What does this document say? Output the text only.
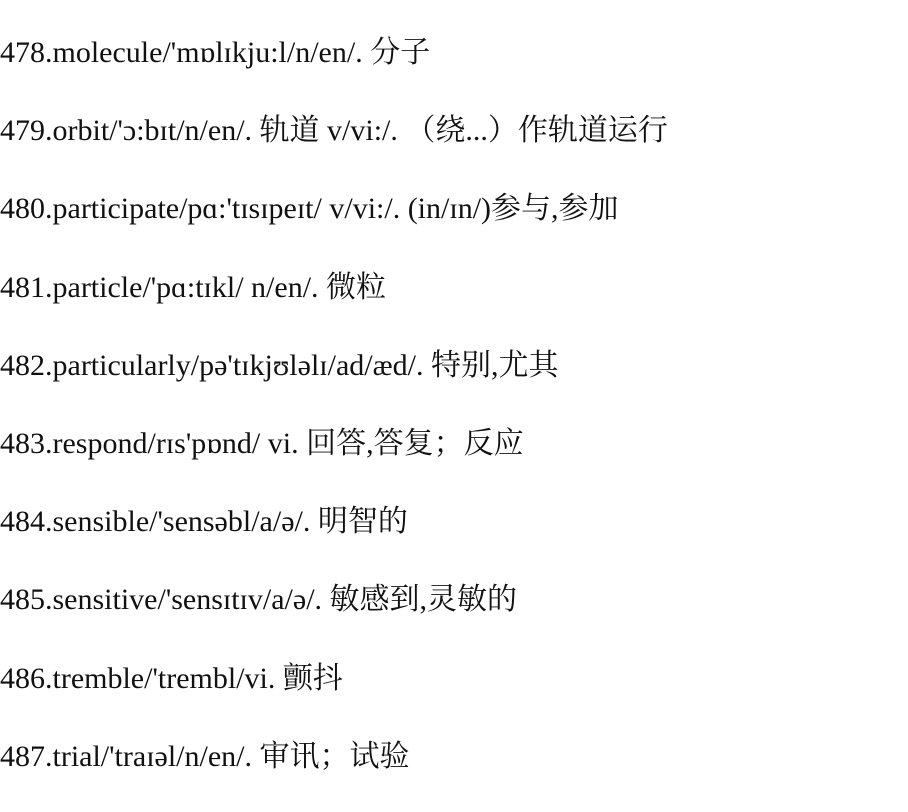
478.molecule/'mɒlɪkju:l/n/en/. 分子
479.orbit/'ɔ:bɪt/n/en/. 轨道 v/vi:/. （绕...）作轨道运行
480.participate/pɑ:'tɪsɪpeɪt/ v/vi:/. (in/ɪn/)参与,参加
481.particle/'pɑ:tɪkl/ n/en/. 微粒
482.particularly/pə'tɪkjʊləlɪ/ad/æd/. 特别,尤其
483.respond/rɪs'pɒnd/ vi. 回答,答复；反应
484.sensible/'sensəbl/a/ə/. 明智的
485.sensitive/'sensɪtɪv/a/ə/. 敏感到,灵敏的
486.tremble/'trembl/vi. 颤抖
487.trial/'traɪəl/n/en/. 审讯；试验
